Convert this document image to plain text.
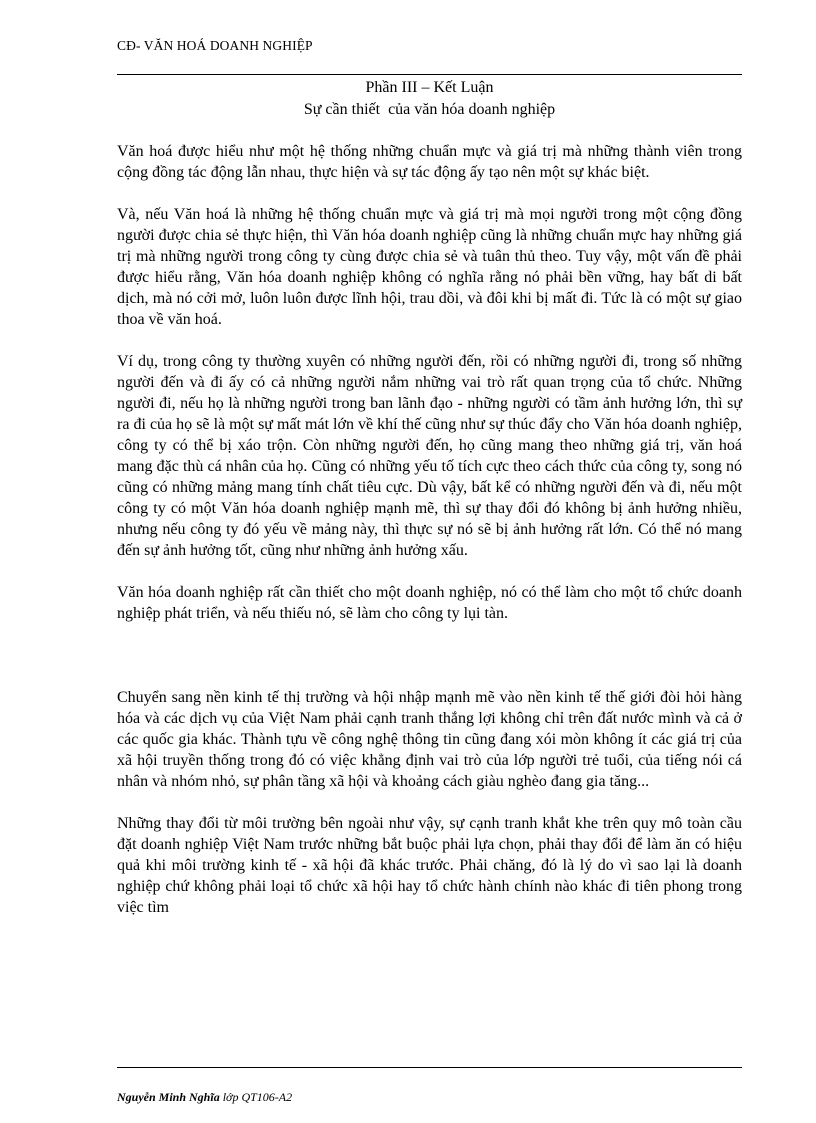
CĐ- VĂN HOÁ DOANH NGHIỆP
Phần III – Kết Luận
Sự cần thiết  của văn hóa doanh nghiệp

Văn hoá được hiểu như một hệ thống những chuẩn mực và giá trị mà những thành viên trong cộng đồng tác động lẫn nhau, thực hiện và sự tác động ấy tạo nên một sự khác biệt.

Và, nếu Văn hoá là những hệ thống chuẩn mực và giá trị mà mọi người trong một cộng đồng người được chia sẻ thực hiện, thì Văn hóa doanh nghiệp cũng là những chuẩn mực hay những giá trị mà những người trong công ty cùng được chia sẻ và tuân thủ theo. Tuy vậy, một vấn đề phải được hiểu rằng, Văn hóa doanh nghiệp không có nghĩa rằng nó phải bền vững, hay bất di bất dịch, mà nó cởi mở, luôn luôn được lĩnh hội, trau dồi, và đôi khi bị mất đi. Tức là có một sự giao thoa về văn hoá.

Ví dụ, trong công ty thường xuyên có những người đến, rồi có những người đi, trong số những người đến và đi ấy có cả những người nắm những vai trò rất quan trọng của tổ chức. Những người đi, nếu họ là những người trong ban lãnh đạo - những người có tầm ảnh hưởng lớn, thì sự ra đi của họ sẽ là một sự mất mát lớn về khí thế cũng như sự thúc đẩy cho Văn hóa doanh nghiệp, công ty có thể bị xáo trộn. Còn những người đến, họ cũng mang theo những giá trị, văn hoá mang đặc thù cá nhân của họ. Cũng có những yếu tố tích cực theo cách thức của công ty, song nó cũng có những mảng mang tính chất tiêu cực. Dù vậy, bất kể có những người đến và đi, nếu một công ty có một Văn hóa doanh nghiệp mạnh mẽ, thì sự thay đổi đó không bị ảnh hưởng nhiều, nhưng nếu công ty đó yếu về mảng này, thì thực sự nó sẽ bị ảnh hưởng rất lớn. Có thể nó mang đến sự ảnh hưởng tốt, cũng như những ảnh hưởng xấu.

Văn hóa doanh nghiệp rất cần thiết cho một doanh nghiệp, nó có thể làm cho một tổ chức doanh nghiệp phát triển, và nếu thiếu nó, sẽ làm cho công ty lụi tàn.

Chuyển sang nền kinh tế thị trường và hội nhập mạnh mẽ vào nền kinh tế thế giới đòi hỏi hàng hóa và các dịch vụ của Việt Nam phải cạnh tranh thắng lợi không chỉ trên đất nước mình và cả ở các quốc gia khác. Thành tựu về công nghệ thông tin cũng đang xói mòn không ít các giá trị của xã hội truyền thống trong đó có việc khẳng định vai trò của lớp người trẻ tuổi, của tiếng nói cá nhân và nhóm nhỏ, sự phân tầng xã hội và khoảng cách giàu nghèo đang gia tăng...

Những thay đổi từ môi trường bên ngoài như vậy, sự cạnh tranh khắt khe trên quy mô toàn cầu đặt doanh nghiệp Việt Nam trước những bắt buộc phải lựa chọn, phải thay đổi để làm ăn có hiệu quả khi môi trường kinh tế - xã hội đã khác trước. Phải chăng, đó là lý do vì sao lại là doanh nghiệp chứ không phải loại tổ chức xã hội hay tổ chức hành chính nào khác đi tiên phong trong việc tìm

Nguyễn Minh Nghĩa lớp QT106-A2
